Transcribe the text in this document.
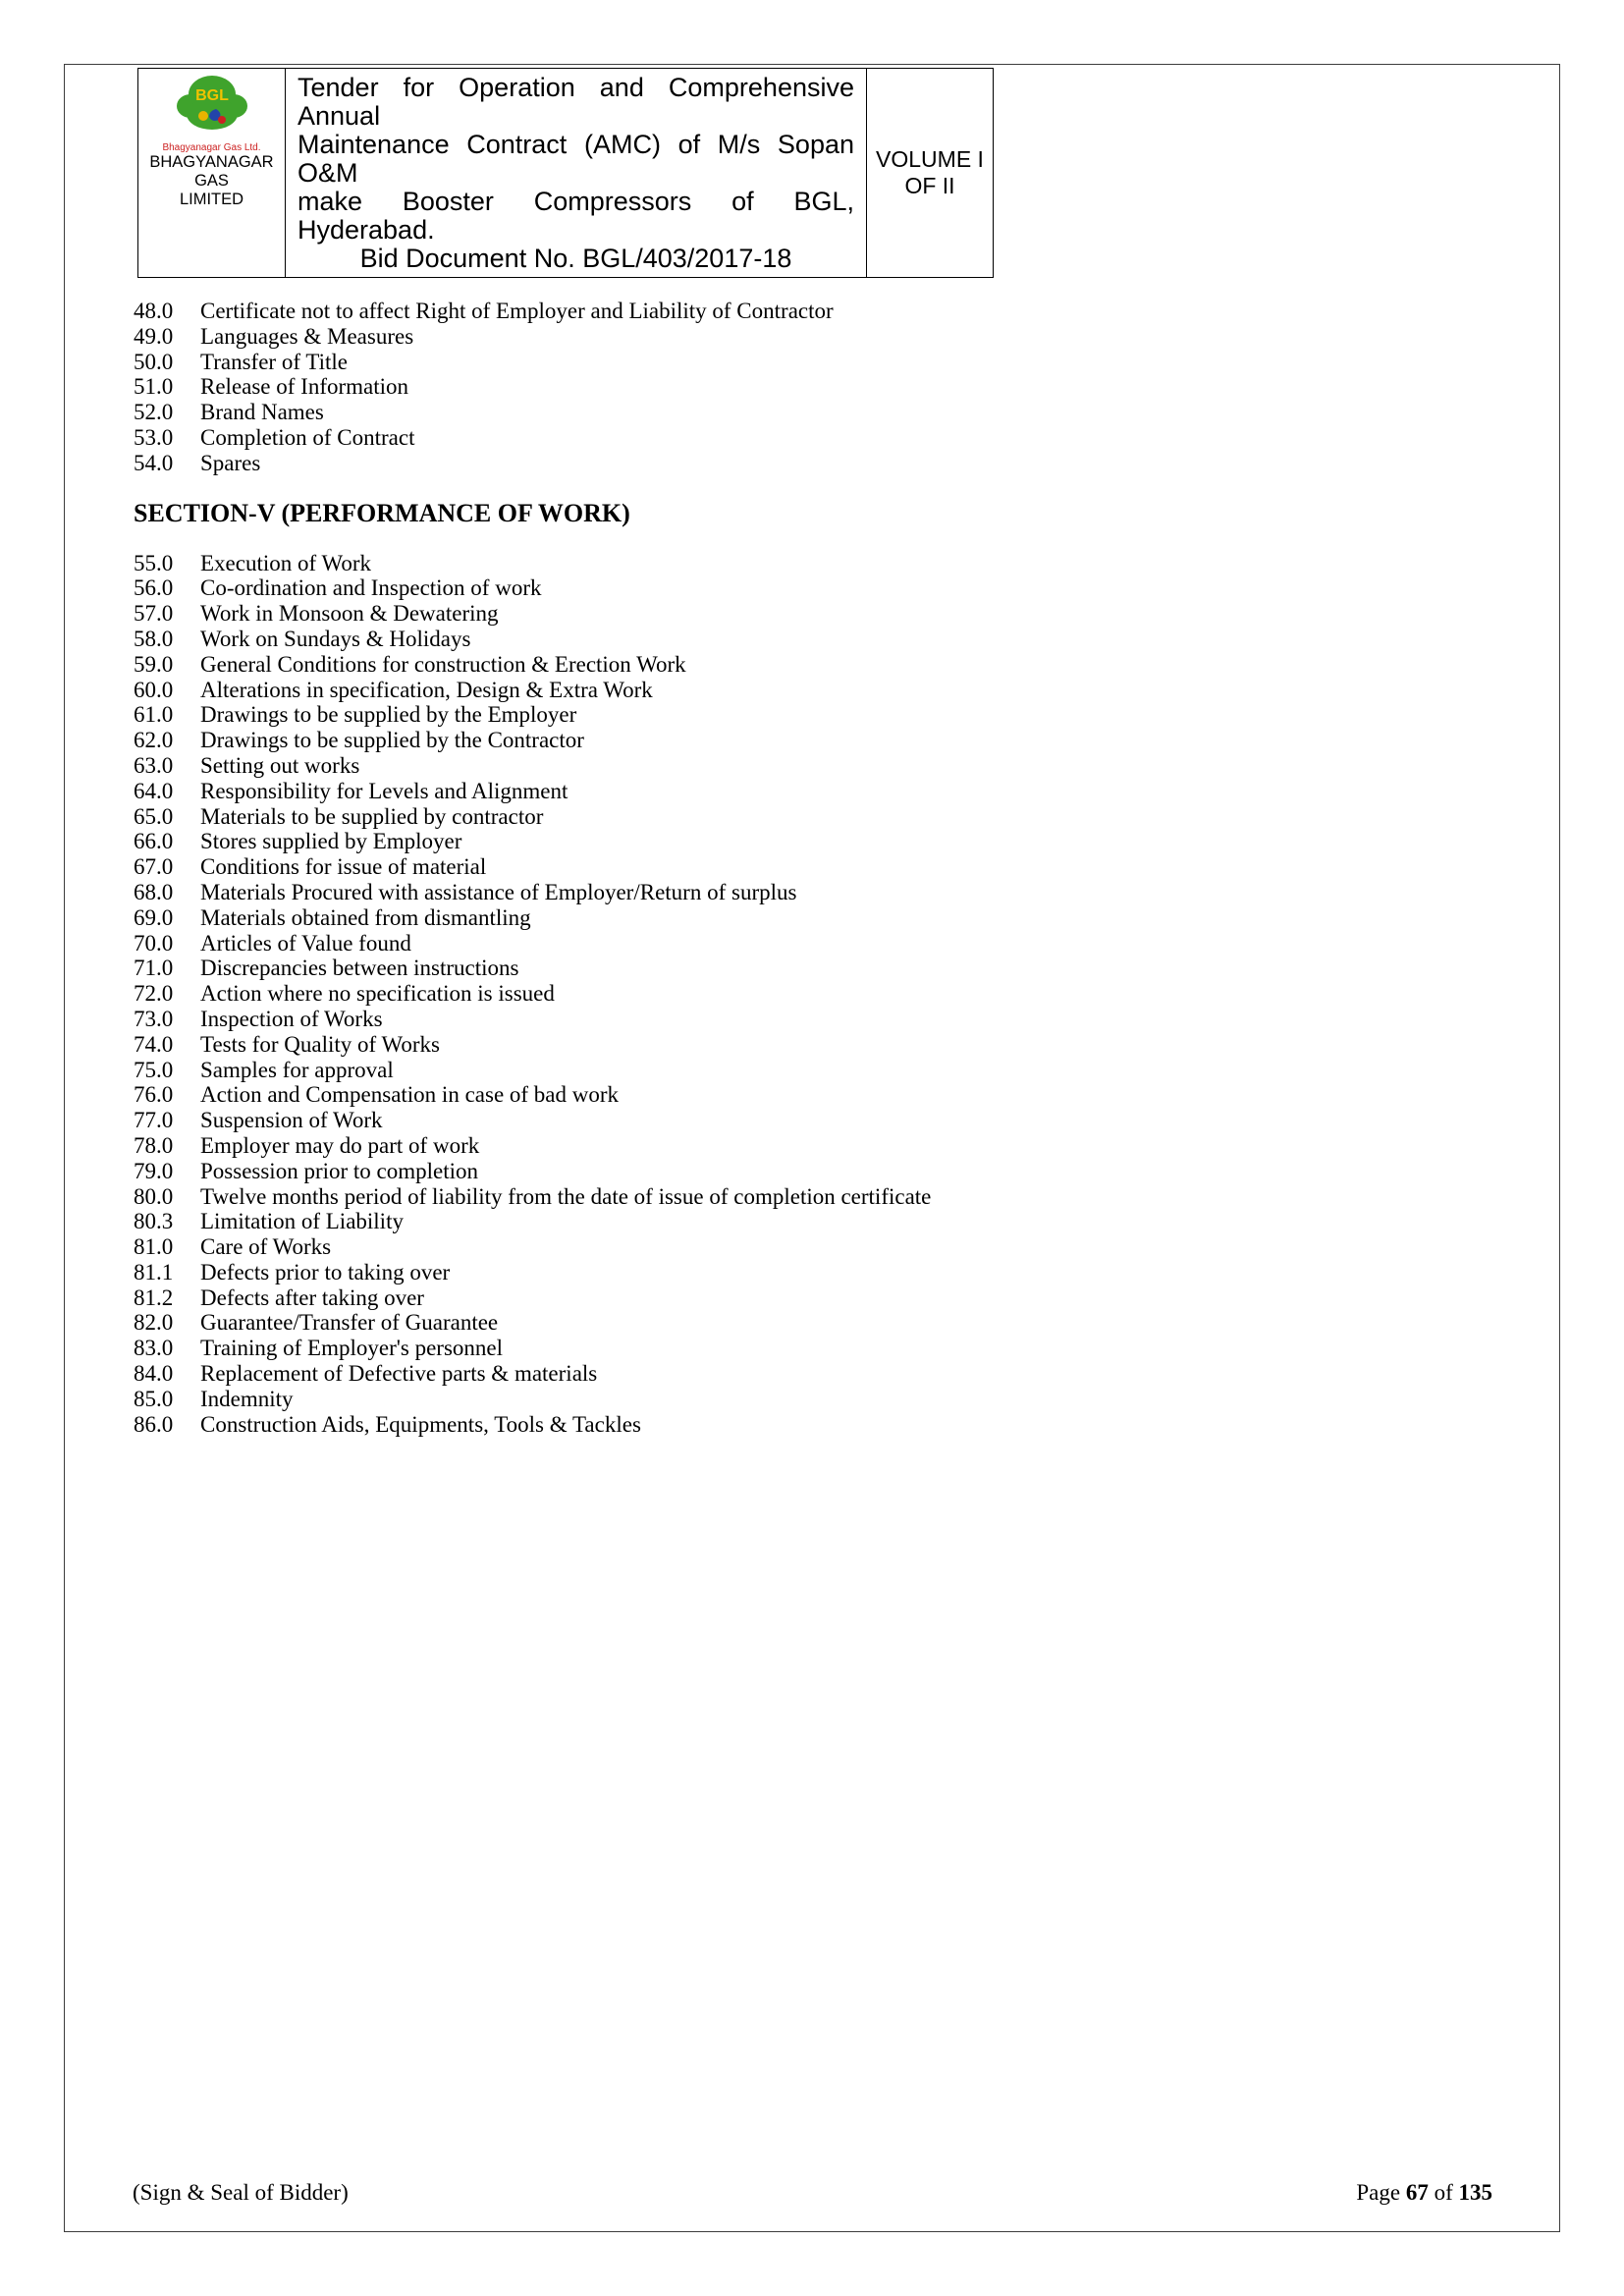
BGL
Bhagyanagar Gas Ltd.
BHAGYANAGAR GAS
LIMITED
Tender for Operation and Comprehensive Annual
Maintenance Contract (AMC) of M/s Sopan O&M
make Booster Compressors of BGL, Hyderabad.
Bid Document No. BGL/403/2017-18
VOLUME I
OF II
48.0	Certificate not to affect Right of Employer and Liability of Contractor
49.0	Languages & Measures
50.0	Transfer of Title
51.0	Release of Information
52.0	Brand Names
53.0	Completion of Contract
54.0	Spares
SECTION-V (PERFORMANCE OF WORK)
55.0	Execution of Work
56.0	Co-ordination and Inspection of work
57.0	Work in Monsoon & Dewatering
58.0	Work on Sundays & Holidays
59.0	General Conditions for construction & Erection Work
60.0	Alterations in specification, Design & Extra Work
61.0	Drawings to be supplied by the Employer
62.0	Drawings to be supplied by the Contractor
63.0	Setting out works
64.0	Responsibility for Levels and Alignment
65.0	Materials to be supplied by contractor
66.0	Stores supplied by Employer
67.0	Conditions for issue of material
68.0	Materials Procured with assistance of Employer/Return of surplus
69.0	Materials obtained from dismantling
70.0	Articles of Value found
71.0	Discrepancies between instructions
72.0	Action where no specification is issued
73.0	Inspection of Works
74.0	Tests for Quality of Works
75.0	Samples for approval
76.0	Action and Compensation in case of bad work
77.0	Suspension of Work
78.0	Employer may do part of work
79.0	Possession prior to completion
80.0	Twelve months period of liability from the date of issue of completion certificate
80.3	Limitation of Liability
81.0	Care of Works
81.1	Defects prior to taking over
81.2	Defects after taking over
82.0	Guarantee/Transfer of Guarantee
83.0	Training of Employer's personnel
84.0	Replacement of Defective parts & materials
85.0	Indemnity
86.0	Construction Aids, Equipments, Tools & Tackles
(Sign & Seal of Bidder)	Page 67 of 135
